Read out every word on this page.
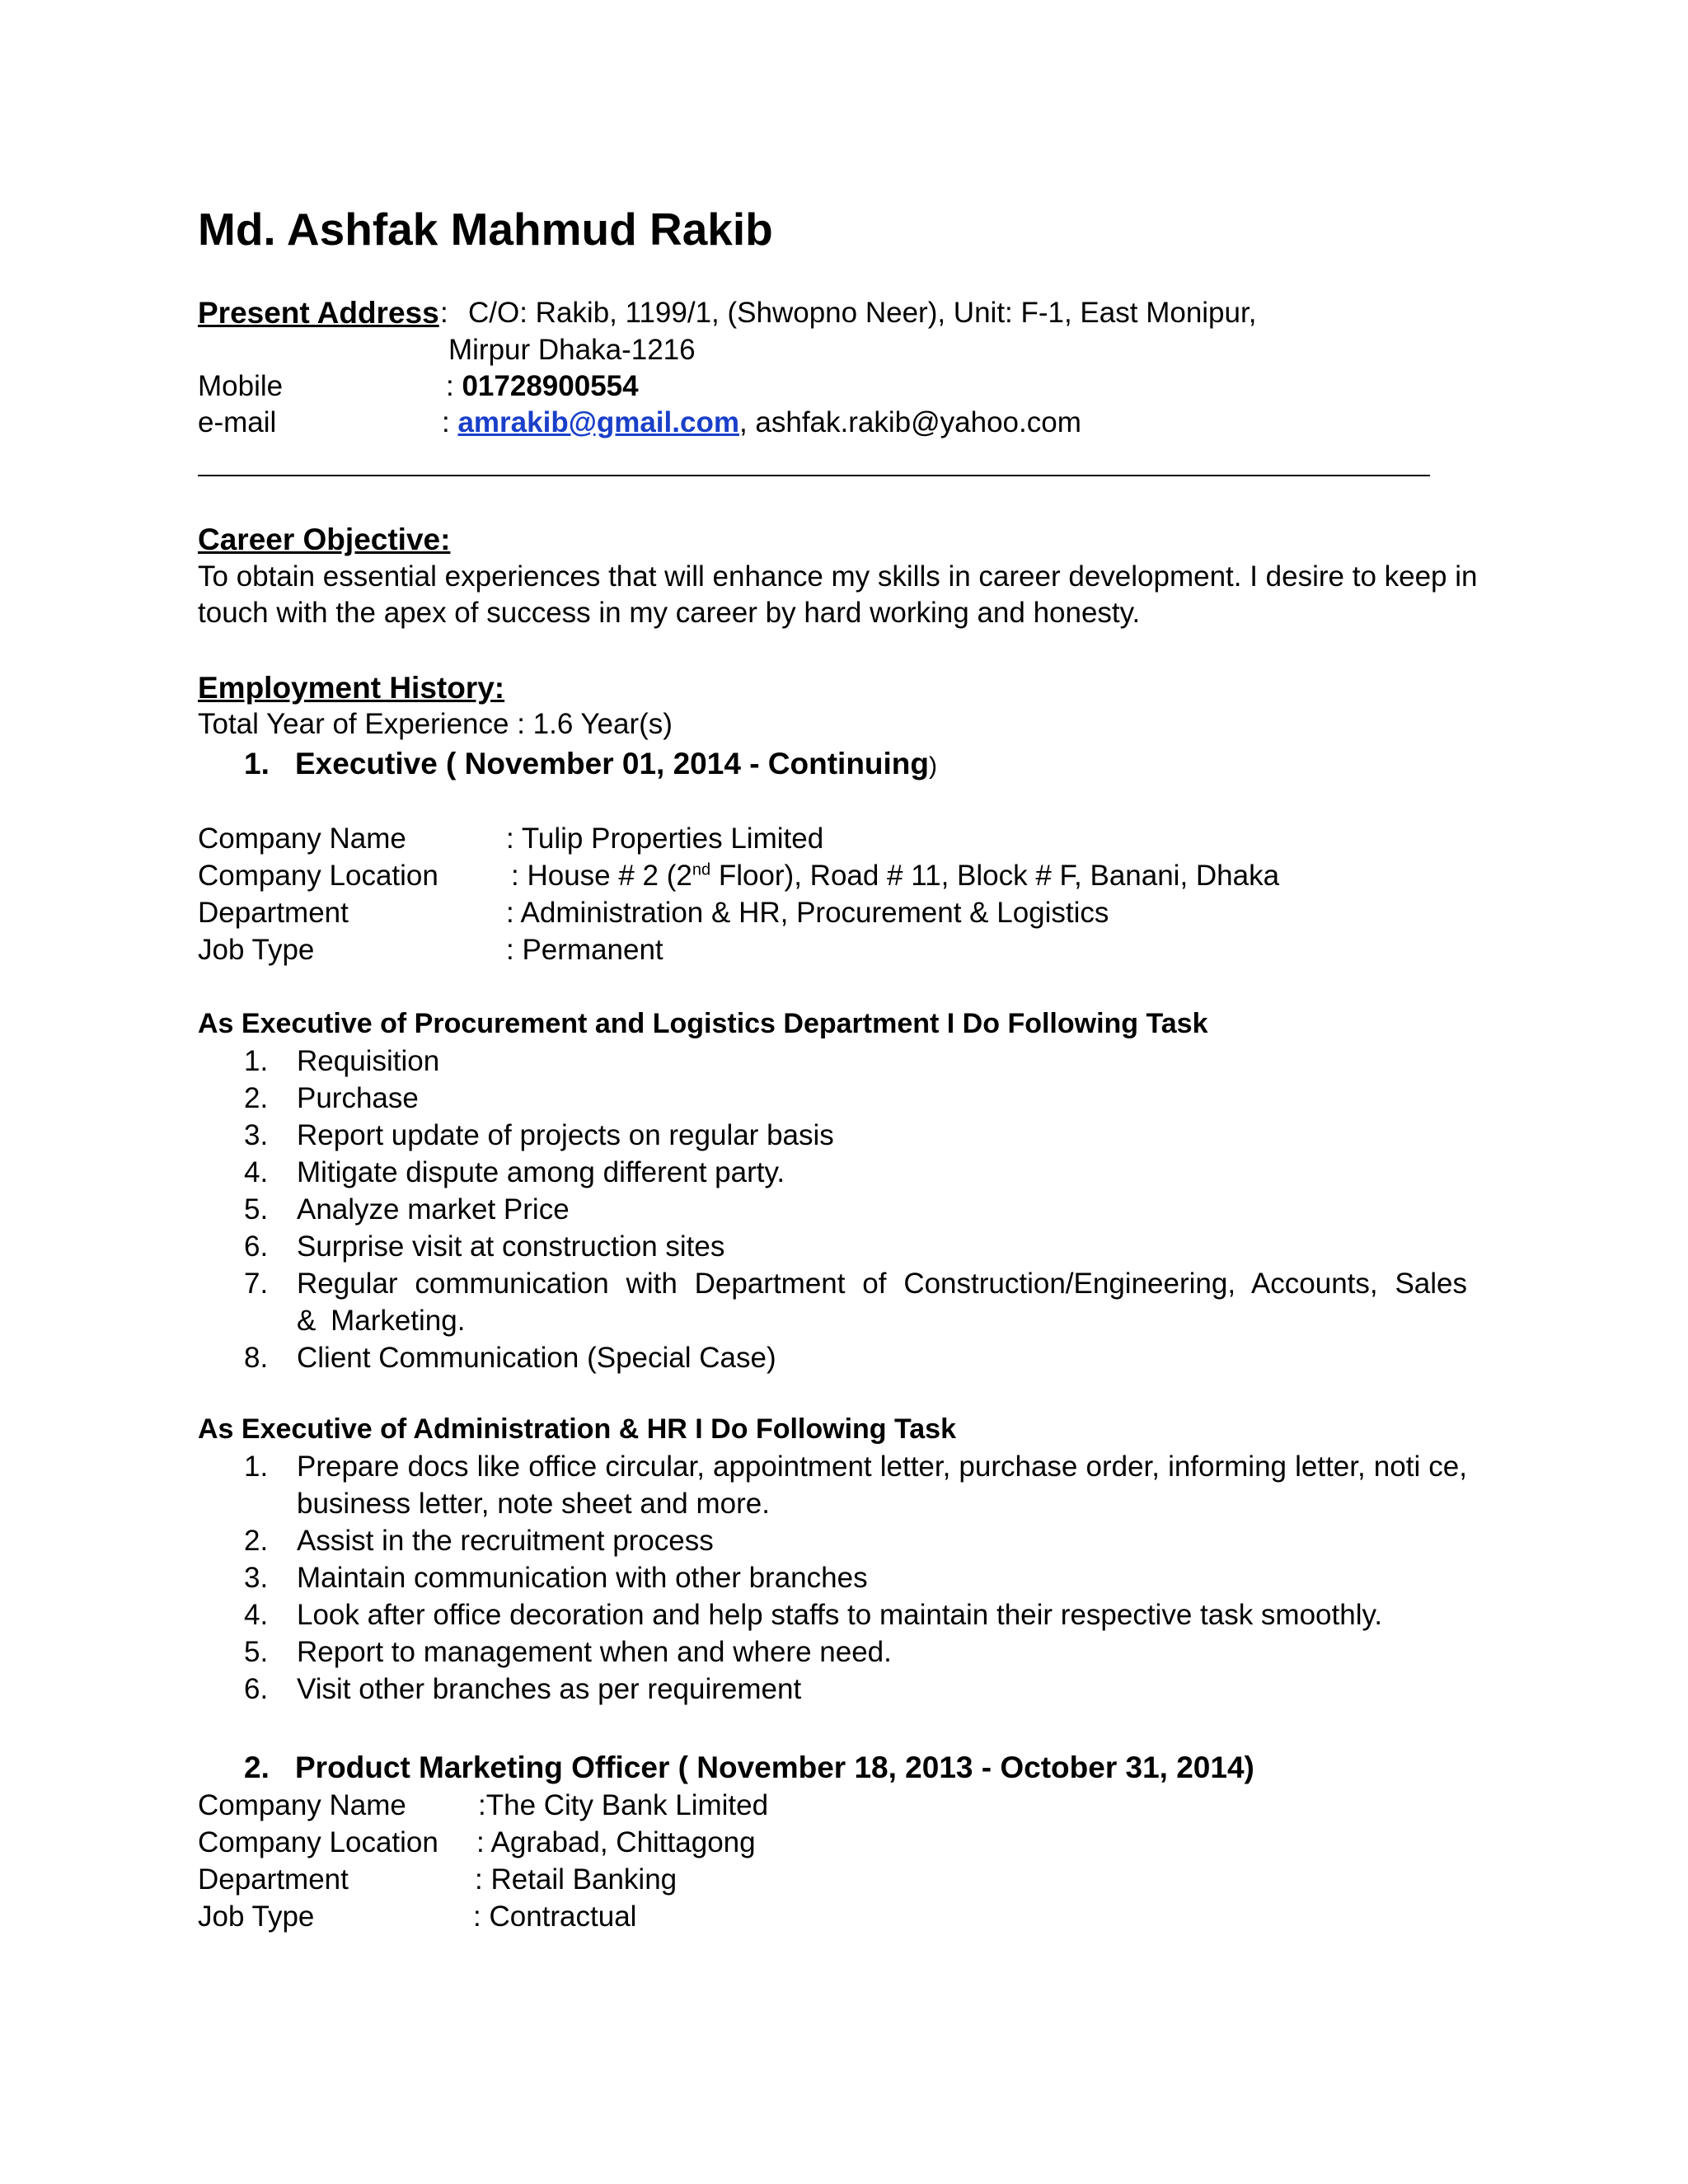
Md. Ashfak Mahmud Rakib
Present Address : C/O: Rakib, 1199/1, (Shwopno Neer), Unit: F-1, East Monipur,
Mirpur Dhaka-1216
Mobile	: 01728900554
e-mail	: amrakib@gmail.com, ashfak.rakib@yahoo.com
Career Objective:
To obtain essential experiences that will enhance my skills in career development. I desire to keep in
touch with the apex of success in my career by hard working and honesty.
Employment History:
Total Year of Experience : 1.6 Year(s)
1. Executive ( November 01, 2014 - Continuing)
Company Name	: Tulip Properties Limited
Company Location	: House # 2 (2nd Floor), Road # 11, Block # F, Banani, Dhaka
Department	: Administration & HR, Procurement & Logistics
Job Type	: Permanent
As Executive of Procurement and Logistics Department I Do Following Task
1. Requisition
2. Purchase
3. Report update of projects on regular basis
4. Mitigate dispute among different party.
5. Analyze market Price
6. Surprise visit at construction sites
7. Regular communication with Department of Construction/Engineering, Accounts, Sales & Marketing.
8. Client Communication (Special Case)
As Executive of Administration & HR I Do Following Task
1. Prepare docs like office circular, appointment letter, purchase order, informing letter, noti ce, business letter, note sheet and more.
2. Assist in the recruitment process
3. Maintain communication with other branches
4. Look after office decoration and help staffs to maintain their respective task smoothly.
5. Report to management when and where need.
6. Visit other branches as per requirement
2. Product Marketing Officer ( November 18, 2013 - October 31, 2014)
Company Name :The City Bank Limited
Company Location : Agrabad, Chittagong
Department	: Retail Banking
Job Type	: Contractual
